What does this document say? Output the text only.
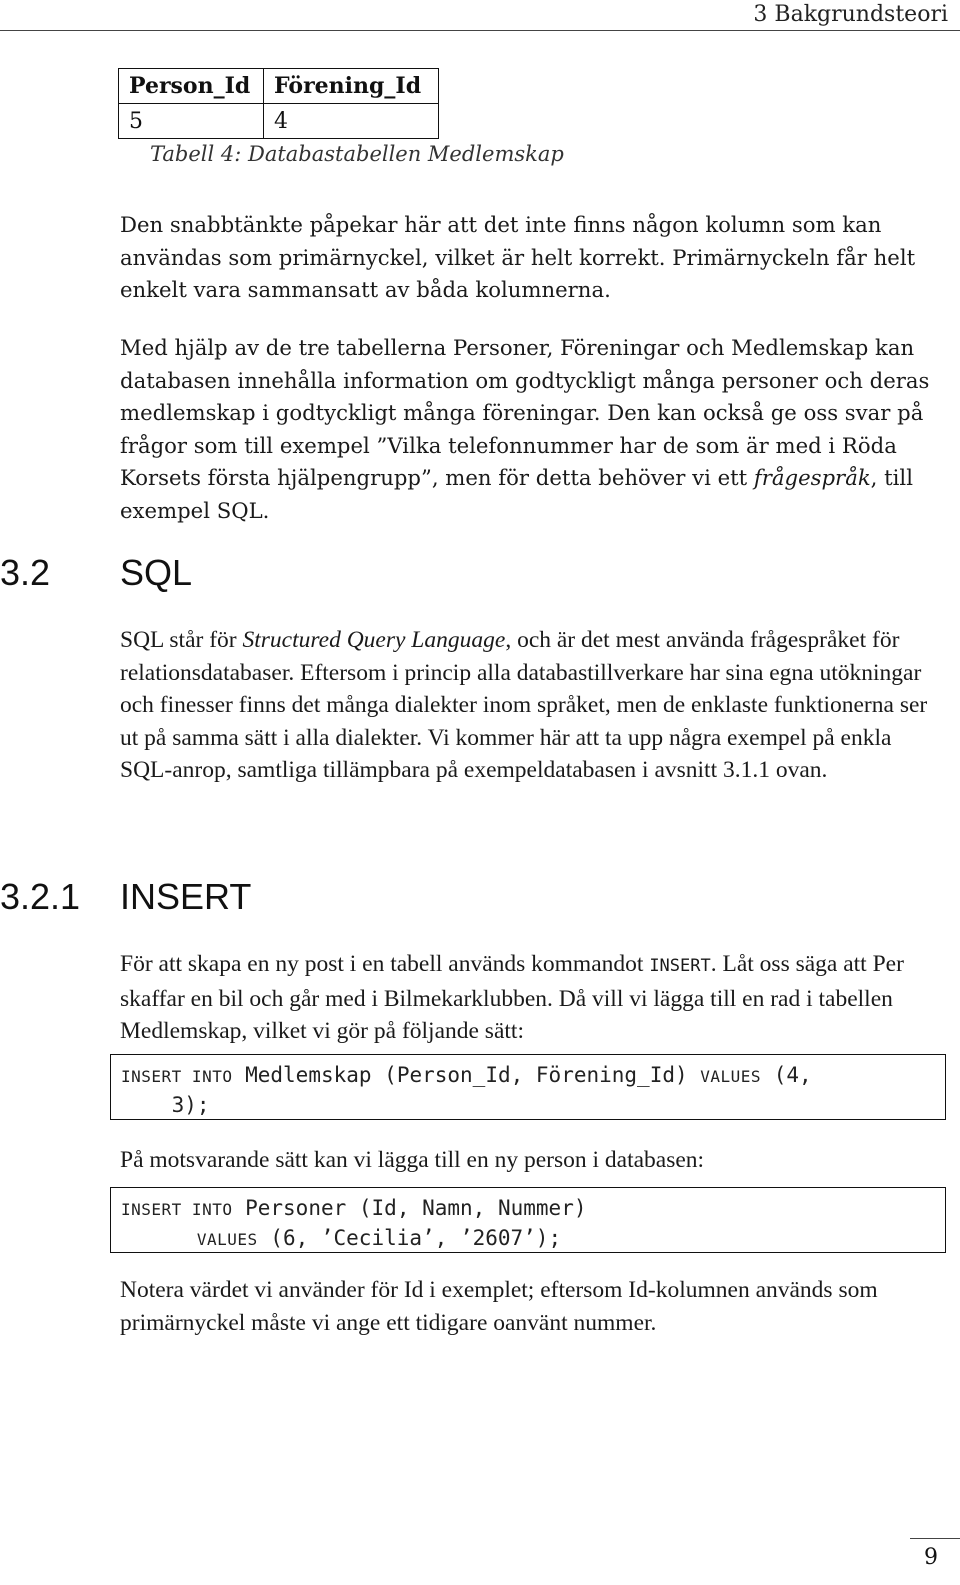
3 Bakgrundsteori
Person_Id	Förening_Id
5	4
Tabell 4: Databastabellen Medlemskap
Den snabbtänkte påpekar här att det inte finns någon kolumn som kan användas som primärnyckel, vilket är helt korrekt. Primärnyckeln får helt enkelt vara sammansatt av båda kolumnerna.
Med hjälp av de tre tabellerna Personer, Föreningar och Medlemskap kan databasen innehålla information om godtyckligt många personer och deras medlemskap i godtyckligt många föreningar. Den kan också ge oss svar på frågor som till exempel ”Vilka telefonnummer har de som är med i Röda Korsets första hjälpengrupp”, men för detta behöver vi ett frågespråk, till exempel SQL.
3.2 SQL
SQL står för Structured Query Language, och är det mest använda frågespråket för relationsdatabaser. Eftersom i princip alla databastillverkare har sina egna utökningar och finesser finns det många dialekter inom språket, men de enklaste funktionerna ser ut på samma sätt i alla dialekter. Vi kommer här att ta upp några exempel på enkla SQL-anrop, samtliga tillämpbara på exempeldatabasen i avsnitt 3.1.1 ovan.
3.2.1 INSERT
För att skapa en ny post i en tabell används kommandot INSERT. Låt oss säga att Per skaffar en bil och går med i Bilmekarklubben. Då vill vi lägga till en rad i tabellen Medlemskap, vilket vi gör på följande sätt:
INSERT INTO Medlemskap (Person_Id, Förening_Id) VALUES (4,
3);
På motsvarande sätt kan vi lägga till en ny person i databasen:
INSERT INTO Personer (Id, Namn, Nummer)
VALUES (6, ’Cecilia’, ’2607’);
Notera värdet vi använder för Id i exemplet; eftersom Id-kolumnen används som primärnyckel måste vi ange ett tidigare oanvänt nummer.
9
